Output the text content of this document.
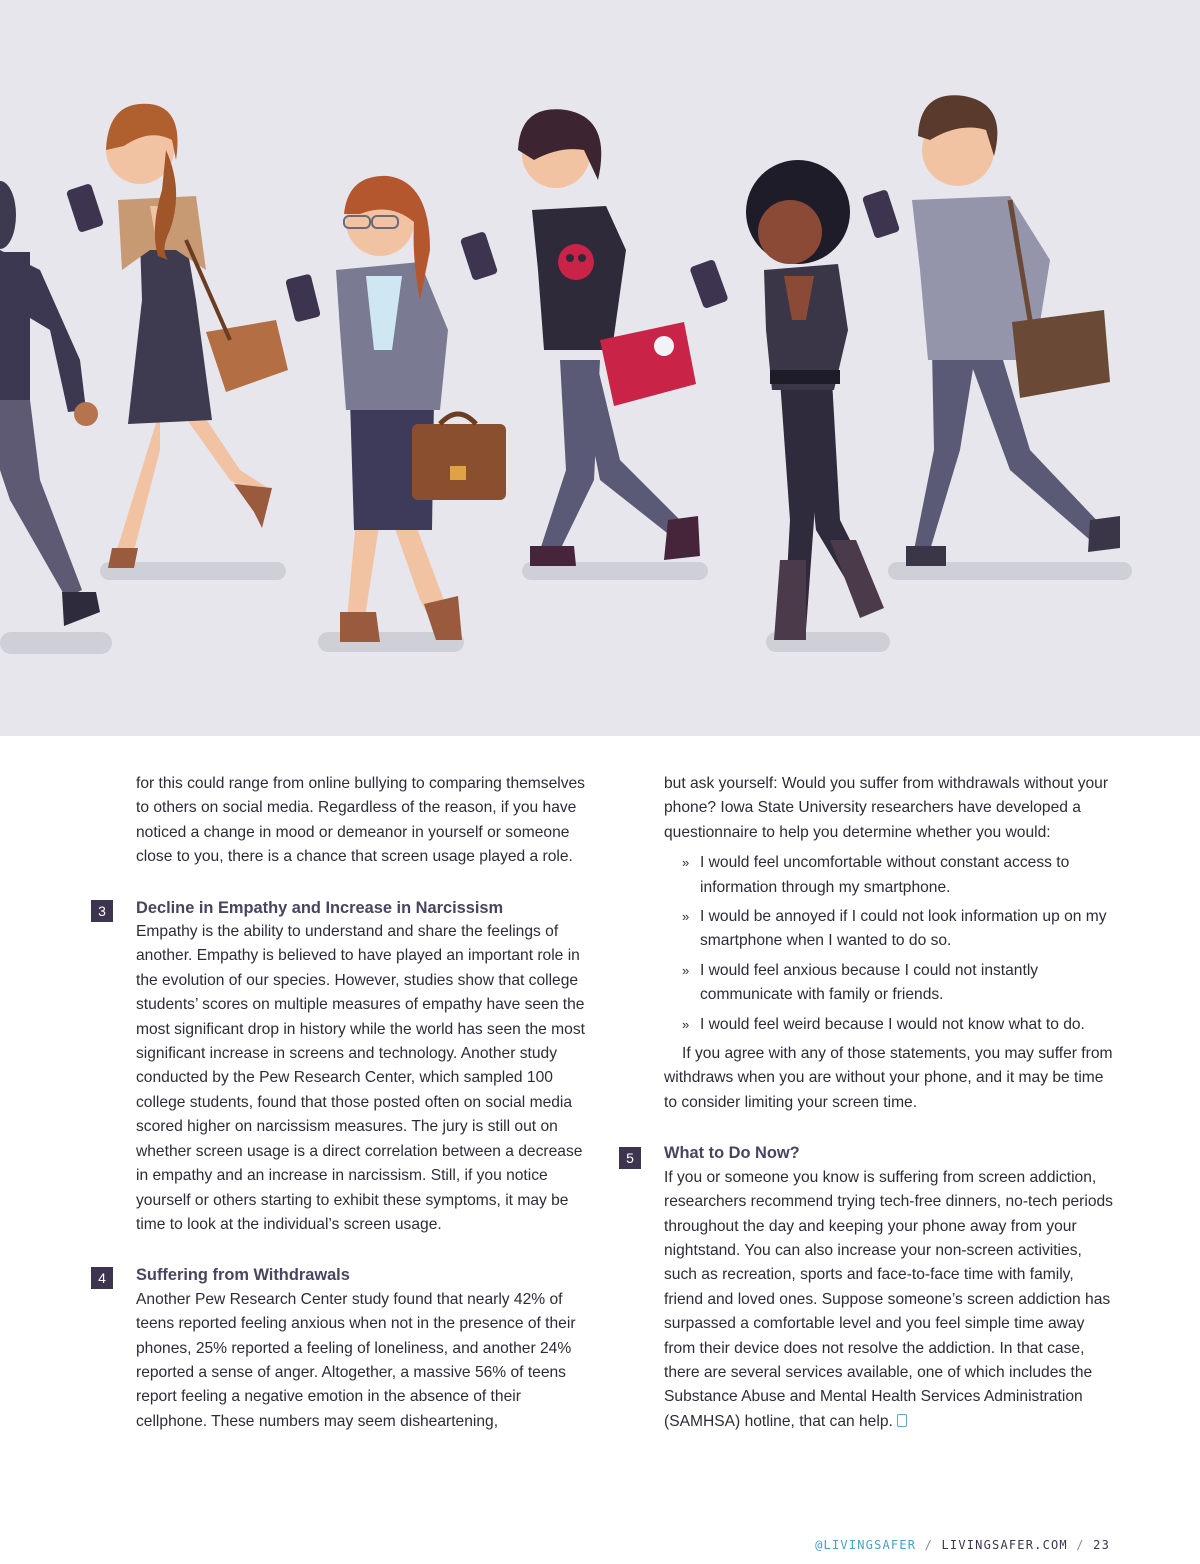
for this could range from online bullying to comparing themselves to others on social media. Regardless of the reason, if you have noticed a change in mood or demeanor in yourself or someone close to you, there is a chance that screen usage played a role.

3	Decline in Empathy and Increase in Narcissism

Empathy is the ability to understand and share the feelings of another. Empathy is believed to have played an important role in the evolution of our species. However, studies show that college students’ scores on multiple measures of empathy have seen the most significant drop in history while the world has seen the most significant increase in screens and technology. Another study conducted by the Pew Research Center, which sampled 100 college students, found that those posted often on social media scored higher on narcissism measures. The jury is still out on whether screen usage is a direct correlation between a decrease in empathy and an increase in narcissism. Still, if you notice yourself or others starting to exhibit these symptoms, it may be time to look at the individual’s screen usage.

4	Suffering from Withdrawals

Another Pew Research Center study found that nearly 42% of teens reported feeling anxious when not in the presence of their phones, 25% reported a feeling of loneliness, and another 24% reported a sense of anger. Altogether, a massive 56% of teens report feeling a negative emotion in the absence of their cellphone. These numbers may seem disheartening,

but ask yourself: Would you suffer from withdrawals without your phone? Iowa State University researchers have developed a questionnaire to help you determine whether you would:

» I would feel uncomfortable without constant access to information through my smartphone.
» I would be annoyed if I could not look information up on my smartphone when I wanted to do so.
» I would feel anxious because I could not instantly communicate with family or friends.
» I would feel weird because I would not know what to do.

If you agree with any of those statements, you may suffer from withdraws when you are without your phone, and it may be time to consider limiting your screen time.

5	What to Do Now?

If you or someone you know is suffering from screen addiction, researchers recommend trying tech-free dinners, no-tech periods throughout the day and keeping your phone away from your nightstand. You can also increase your non-screen activities, such as recreation, sports and face-to-face time with family, friend and loved ones. Suppose someone’s screen addiction has surpassed a comfortable level and you feel simple time away from their device does not resolve the addiction. In that case, there are several services available, one of which includes the Substance Abuse and Mental Health Services Administration (SAMHSA) hotline, that can help.

@LIVINGSAFER / LIVINGSAFER.COM / 23
